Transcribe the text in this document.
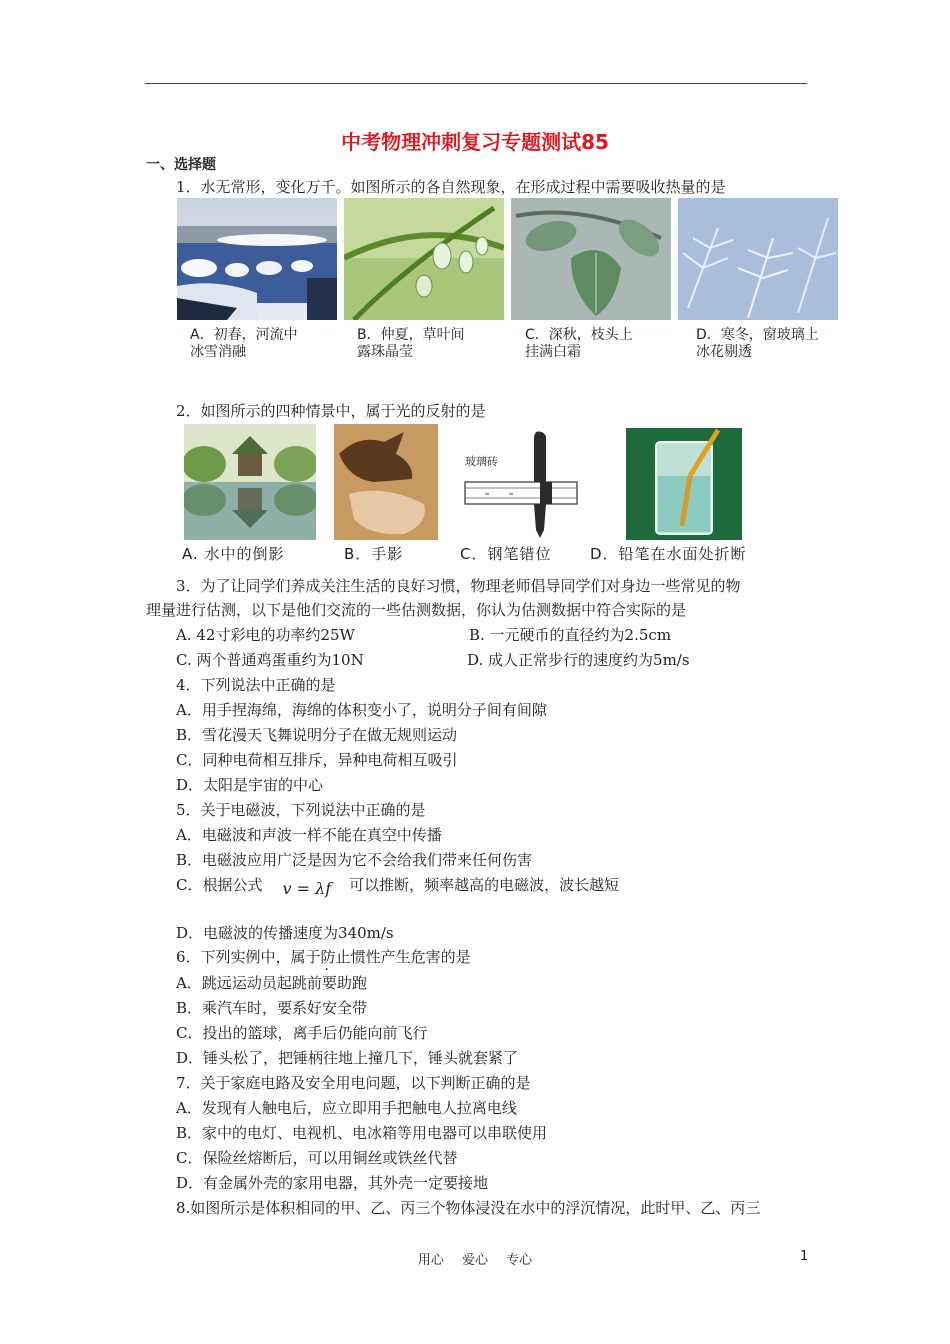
中考物理冲刺复习专题测试85
一、选择题
1．水无常形，变化万千。如图所示的各自然现象，在形成过程中需要吸收热量的是
A．初春，河流中
冰雪消融
B．仲夏，草叶间
露珠晶莹
C．深秋，枝头上
挂满白霜
D．寒冬，窗玻璃上
冰花剔透
2．如图所示的四种情景中，属于光的反射的是
≈	≈
玻璃砖
A. 水中的倒影	B．手影	C．钢笔错位	D．铅笔在水面处折断
3．为了让同学们养成关注生活的良好习惯，物理老师倡导同学们对身边一些常见的物
理量进行估测，以下是他们交流的一些估测数据，你认为估测数据中符合实际的是
A. 42寸彩电的功率约25W	B. 一元硬币的直径约为2.5cm
C. 两个普通鸡蛋重约为10N	D. 成人正常步行的速度约为5m/s
4．下列说法中正确的是
A．用手捏海绵，海绵的体积变小了，说明分子间有间隙
B．雪花漫天飞舞说明分子在做无规则运动
C．同种电荷相互排斥，异种电荷相互吸引
D．太阳是宇宙的中心
5．关于电磁波，下列说法中正确的是
A．电磁波和声波一样不能在真空中传播
B．电磁波应用广泛是因为它不会给我们带来任何伤害
C．根据公式 v = λf 可以推断，频率越高的电磁波，波长越短
D．电磁波的传播速度为340m/s
6．下列实例中，属于防止惯性产生危害的是
A．跳远运动员起跳前要助跑
B．乘汽车时，要系好安全带
C．投出的篮球，离手后仍能向前飞行
D．锤头松了，把锤柄往地上撞几下，锤头就套紧了
7．关于家庭电路及安全用电问题，以下判断正确的是
A．发现有人触电后，应立即用手把触电人拉离电线
B．家中的电灯、电视机、电冰箱等用电器可以串联使用
C．保险丝熔断后，可以用铜丝或铁丝代替
D．有金属外壳的家用电器，其外壳一定要接地
8.如图所示是体积相同的甲、乙、丙三个物体浸没在水中的浮沉情况，此时甲、乙、丙三
用心 爱心 专心	1
